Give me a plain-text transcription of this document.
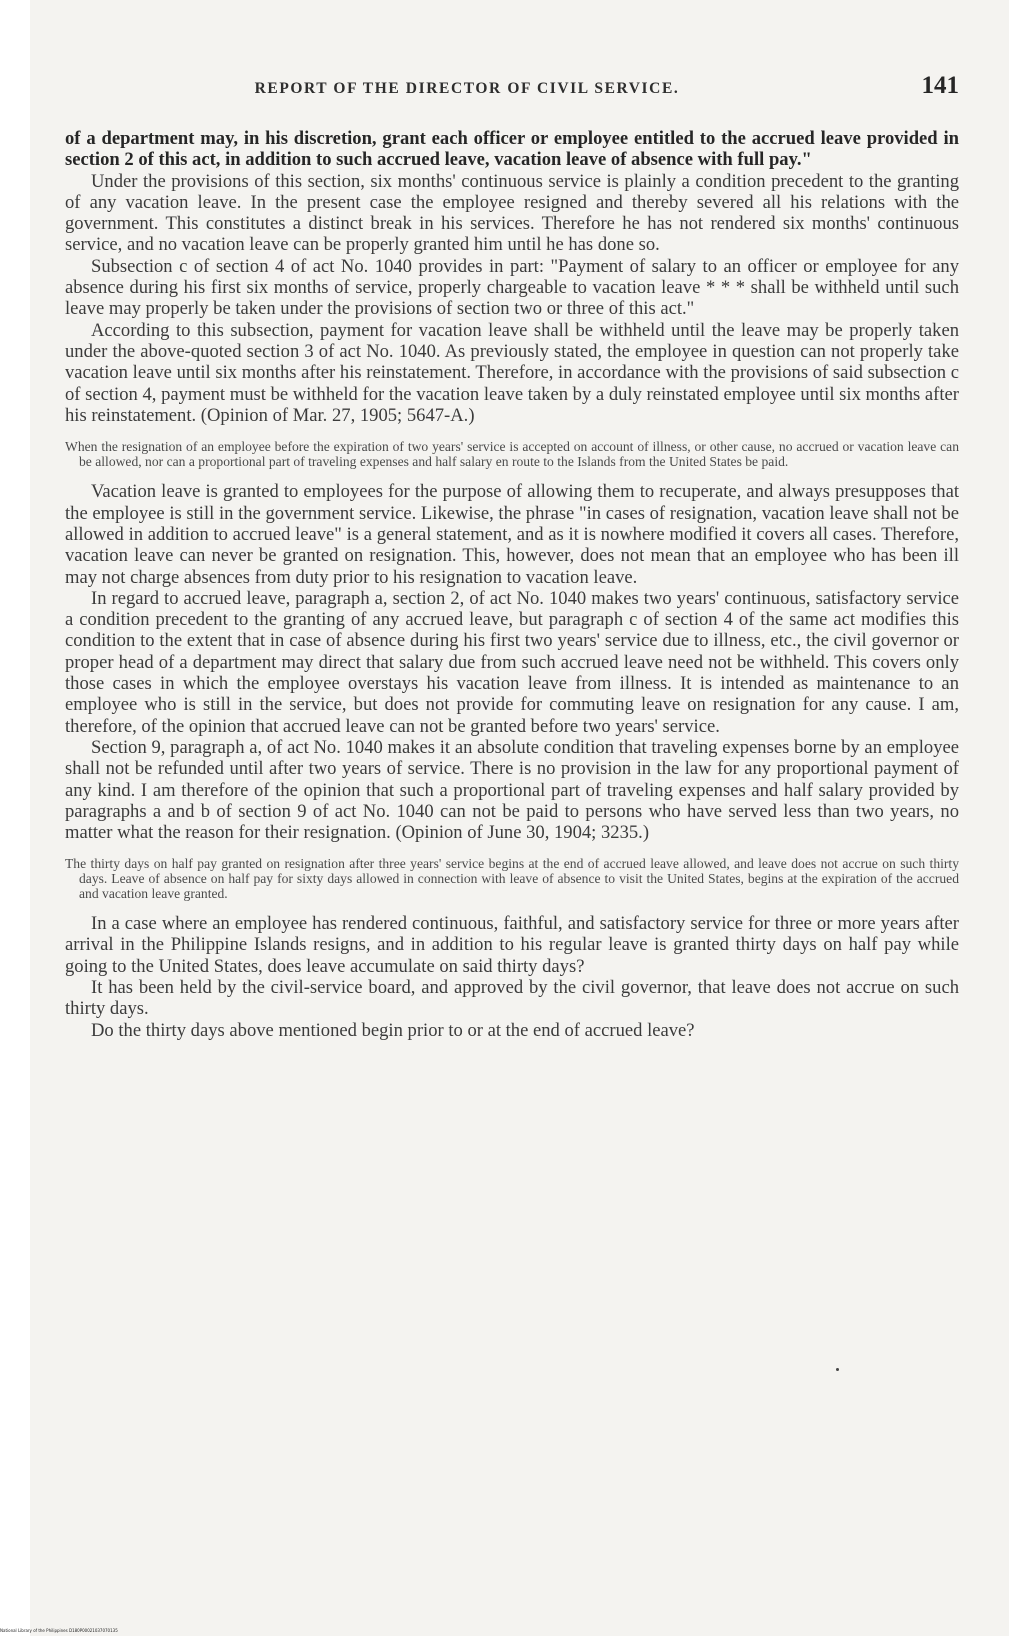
REPORT OF THE DIRECTOR OF CIVIL SERVICE.	141

of a department may, in his discretion, grant each officer or employee entitled to the accrued leave provided in section 2 of this act, in addition to such accrued leave, vacation leave of absence with full pay."

Under the provisions of this section, six months' continuous service is plainly a condition precedent to the granting of any vacation leave. In the present case the employee resigned and thereby severed all his relations with the government. This constitutes a distinct break in his services. Therefore he has not rendered six months' continuous service, and no vacation leave can be properly granted him until he has done so.

Subsection c of section 4 of act No. 1040 provides in part: "Payment of salary to an officer or employee for any absence during his first six months of service, properly chargeable to vacation leave * * * shall be withheld until such leave may properly be taken under the provisions of section two or three of this act."

According to this subsection, payment for vacation leave shall be withheld until the leave may be properly taken under the above-quoted section 3 of act No. 1040. As previously stated, the employee in question can not properly take vacation leave until six months after his reinstatement. Therefore, in accordance with the provisions of said subsection c of section 4, payment must be withheld for the vacation leave taken by a duly reinstated employee until six months after his reinstatement. (Opinion of Mar. 27, 1905; 5647-A.)

When the resignation of an employee before the expiration of two years' service is accepted on account of illness, or other cause, no accrued or vacation leave can be allowed, nor can a proportional part of traveling expenses and half salary en route to the Islands from the United States be paid.

Vacation leave is granted to employees for the purpose of allowing them to recuperate, and always presupposes that the employee is still in the government service. Likewise, the phrase "in cases of resignation, vacation leave shall not be allowed in addition to accrued leave" is a general statement, and as it is nowhere modified it covers all cases. Therefore, vacation leave can never be granted on resignation. This, however, does not mean that an employee who has been ill may not charge absences from duty prior to his resignation to vacation leave.

In regard to accrued leave, paragraph a, section 2, of act No. 1040 makes two years' continuous, satisfactory service a condition precedent to the granting of any accrued leave, but paragraph c of section 4 of the same act modifies this condition to the extent that in case of absence during his first two years' service due to illness, etc., the civil governor or proper head of a department may direct that salary due from such accrued leave need not be withheld. This covers only those cases in which the employee overstays his vacation leave from illness. It is intended as maintenance to an employee who is still in the service, but does not provide for commuting leave on resignation for any cause. I am, therefore, of the opinion that accrued leave can not be granted before two years' service.

Section 9, paragraph a, of act No. 1040 makes it an absolute condition that traveling expenses borne by an employee shall not be refunded until after two years of service. There is no provision in the law for any proportional payment of any kind. I am therefore of the opinion that such a proportional part of traveling expenses and half salary provided by paragraphs a and b of section 9 of act No. 1040 can not be paid to persons who have served less than two years, no matter what the reason for their resignation. (Opinion of June 30, 1904; 3235.)

The thirty days on half pay granted on resignation after three years' service begins at the end of accrued leave allowed, and leave does not accrue on such thirty days. Leave of absence on half pay for sixty days allowed in connection with leave of absence to visit the United States, begins at the expiration of the accrued and vacation leave granted.

In a case where an employee has rendered continuous, faithful, and satisfactory service for three or more years after arrival in the Philippine Islands resigns, and in addition to his regular leave is granted thirty days on half pay while going to the United States, does leave accumulate on said thirty days?

It has been held by the civil-service board, and approved by the civil governor, that leave does not accrue on such thirty days.

Do the thirty days above mentioned begin prior to or at the end of accrued leave?

National Library of the Philippines D180P00021037070135
